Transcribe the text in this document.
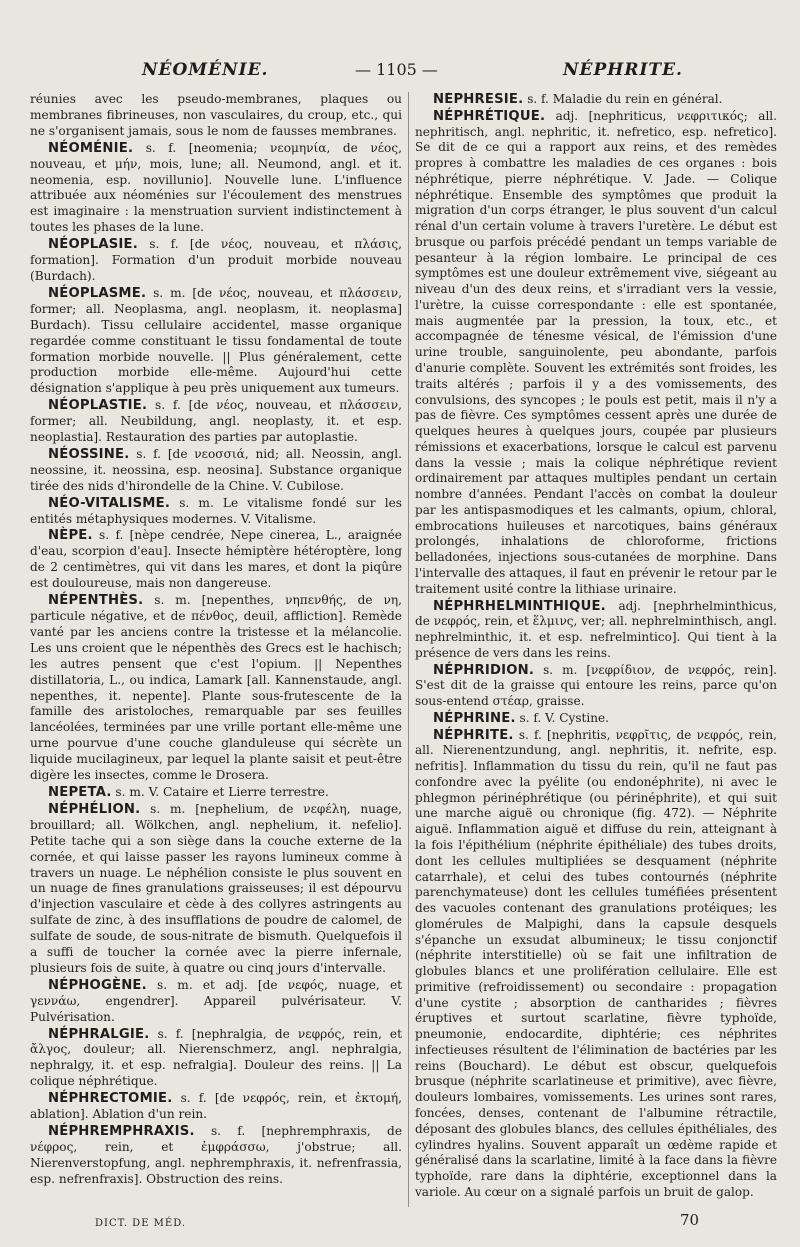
NÉOMÉNIE.	— 1105 —	NÉPHRITE.

réunies avec les pseudo-membranes, plaques ou membranes fibrineuses, non vasculaires, du croup, etc., qui ne s'organisent jamais, sous le nom de fausses membranes.

NÉOMÉNIE. s. f. [neomenia; νεομηνία, de νέος, nouveau, et μήν, mois, lune; all. Neumond, angl. et it. neomenia, esp. novillunio]. Nouvelle lune. L'influence attribuée aux néoménies sur l'écoulement des menstrues est imaginaire : la menstruation survient indistinctement à toutes les phases de la lune.

NÉOPLASIE. s. f. [de νέος, nouveau, et πλάσις, formation]. Formation d'un produit morbide nouveau (Burdach).

NÉOPLASME. s. m. [de νέος, nouveau, et πλάσσειν, former; all. Neoplasma, angl. neoplasm, it. neoplasma] Burdach). Tissu cellulaire accidentel, masse organique regardée comme constituant le tissu fondamental de toute formation morbide nouvelle. || Plus généralement, cette production morbide elle-même. Aujourd'hui cette désignation s'applique à peu près uniquement aux tumeurs.

NÉOPLASTIE. s. f. [de νέος, nouveau, et πλάσσειν, former; all. Neubildung, angl. neoplasty, it. et esp. neoplastia]. Restauration des parties par autoplastie.

NÉOSSINE. s. f. [de νεοσσιά, nid; all. Neossin, angl. neossine, it. neossina, esp. neosina]. Substance organique tirée des nids d'hirondelle de la Chine. V. Cubilose.

NÉO-VITALISME. s. m. Le vitalisme fondé sur les entités métaphysiques modernes. V. Vitalisme.

NÈPE. s. f. [nèpe cendrée, Nepe cinerea, L., araignée d'eau, scorpion d'eau]. Insecte hémiptère hétéroptère, long de 2 centimètres, qui vit dans les mares, et dont la piqûre est douloureuse, mais non dangereuse.

NÉPENTHÈS. s. m. [nepenthes, νηπενθής, de νη, particule négative, et de πένθος, deuil, affliction]. Remède vanté par les anciens contre la tristesse et la mélancolie. Les uns croient que le népenthès des Grecs est le hachisch; les autres pensent que c'est l'opium. || Nepenthes distillatoria, L., ou indica, Lamark [all. Kannenstaude, angl. nepenthes, it. nepente]. Plante sous-frutescente de la famille des aristoloches, remarquable par ses feuilles lancéolées, terminées par une vrille portant elle-même une urne pourvue d'une couche glanduleuse qui sécrète un liquide mucilagineux, par lequel la plante saisit et peut-être digère les insectes, comme le Drosera.

NEPETA. s. m. V. Cataire et Lierre terrestre.

NÉPHÉLION. s. m. [nephelium, de νεφέλη, nuage, brouillard; all. Wölkchen, angl. nephelium, it. nefelio]. Petite tache qui a son siège dans la couche externe de la cornée, et qui laisse passer les rayons lumineux comme à travers un nuage. Le néphélion consiste le plus souvent en un nuage de fines granulations graisseuses; il est dépourvu d'injection vasculaire et cède à des collyres astringents au sulfate de zinc, à des insufflations de poudre de calomel, de sulfate de soude, de sous-nitrate de bismuth. Quelquefois il a suffi de toucher la cornée avec la pierre infernale, plusieurs fois de suite, à quatre ou cinq jours d'intervalle.

NÉPHOGÈNE. s. m. et adj. [de νεφός, nuage, et γεννάω, engendrer]. Appareil pulvérisateur. V. Pulvérisation.

NÉPHRALGIE. s. f. [nephralgia, de νεφρός, rein, et ἄλγος, douleur; all. Nierenschmerz, angl. nephralgia, nephralgy, it. et esp. nefralgia]. Douleur des reins. || La colique néphrétique.

NÉPHRECTOMIE. s. f. [de νεφρός, rein, et ἐκτομή, ablation]. Ablation d'un rein.

NÉPHREMPHRAXIS. s. f. [nephremphraxis, de νέφρος, rein, et ἐμφράσσω, j'obstrue; all. Nierenverstopfung, angl. nephremphraxis, it. nefrenfrassia, esp. nefrenfraxis]. Obstruction des reins.

NÉPHRÉSIE. s. f. Maladie du rein en général.

NÉPHRÉTIQUE. adj. [nephriticus, νεφριτικός; all. nephritisch, angl. nephritic, it. nefretico, esp. nefretico]. Se dit de ce qui a rapport aux reins, et des remèdes propres à combattre les maladies de ces organes : bois néphrétique, pierre néphrétique. V. Jade. — Colique néphrétique. Ensemble des symptômes que produit la migration d'un corps étranger, le plus souvent d'un calcul rénal d'un certain volume à travers l'uretère. Le début est brusque ou parfois précédé pendant un temps variable de pesanteur à la région lombaire. Le principal de ces symptômes est une douleur extrêmement vive, siégeant au niveau d'un des deux reins, et s'irradiant vers la vessie, l'urètre, la cuisse correspondante : elle est spontanée, mais augmentée par la pression, la toux, etc., et accompagnée de ténesme vésical, de l'émission d'une urine trouble, sanguinolente, peu abondante, parfois d'anurie complète. Souvent les extrémités sont froides, les traits altérés ; parfois il y a des vomissements, des convulsions, des syncopes ; le pouls est petit, mais il n'y a pas de fièvre. Ces symptômes cessent après une durée de quelques heures à quelques jours, coupée par plusieurs rémissions et exacerbations, lorsque le calcul est parvenu dans la vessie ; mais la colique néphrétique revient ordinairement par attaques multiples pendant un certain nombre d'années. Pendant l'accès on combat la douleur par les antispasmodiques et les calmants, opium, chloral, embrocations huileuses et narcotiques, bains généraux prolongés, inhalations de chloroforme, frictions belladonées, injections sous-cutanées de morphine. Dans l'intervalle des attaques, il faut en prévenir le retour par le traitement usité contre la lithiase urinaire.

NÉPHRHELMINTHIQUE. adj. [nephrhelminthicus, de νεφρός, rein, et ἕλμινς, ver; all. nephrelminthisch, angl. nephrelminthic, it. et esp. nefrelmintico]. Qui tient à la présence de vers dans les reins.

NÉPHRIDION. s. m. [νεφρίδιον, de νεφρός, rein]. S'est dit de la graisse qui entoure les reins, parce qu'on sous-entend στέαρ, graisse.

NÉPHRINE. s. f. V. Cystine.

NÉPHRITE. s. f. [nephritis, νεφρῖτις, de νεφρός, rein, all. Nierenentzundung, angl. nephritis, it. nefrite, esp. nefritis]. Inflammation du tissu du rein, qu'il ne faut pas confondre avec la pyélite (ou endonéphrite), ni avec le phlegmon périnéphrétique (ou périnéphrite), et qui suit une marche aiguë ou chronique (fig. 472). — Néphrite aiguë. Inflammation aiguë et diffuse du rein, atteignant à la fois l'épithélium (néphrite épithéliale) des tubes droits, dont les cellules multipliées se desquament (néphrite catarrhale), et celui des tubes contournés (néphrite parenchymateuse) dont les cellules tuméfiées présentent des vacuoles contenant des granulations protéiques; les glomérules de Malpighi, dans la capsule desquels s'épanche un exsudat albumineux; le tissu conjonctif (néphrite interstitielle) où se fait une infiltration de globules blancs et une prolifération cellulaire. Elle est primitive (refroidissement) ou secondaire : propagation d'une cystite ; absorption de cantharides ; fièvres éruptives et surtout scarlatine, fièvre typhoïde, pneumonie, endocardite, diphtérie; ces néphrites infectieuses résultent de l'élimination de bactéries par les reins (Bouchard). Le début est obscur, quelquefois brusque (néphrite scarlatineuse et primitive), avec fièvre, douleurs lombaires, vomissements. Les urines sont rares, foncées, denses, contenant de l'albumine rétractile, déposant des globules blancs, des cellules épithéliales, des cylindres hyalins. Souvent apparaît un œdème rapide et généralisé dans la scarlatine, limité à la face dans la fièvre typhoïde, rare dans la diphtérie, exceptionnel dans la variole. Au cœur on a signalé parfois un bruit de galop.

DICT. DE MÉD.	70
